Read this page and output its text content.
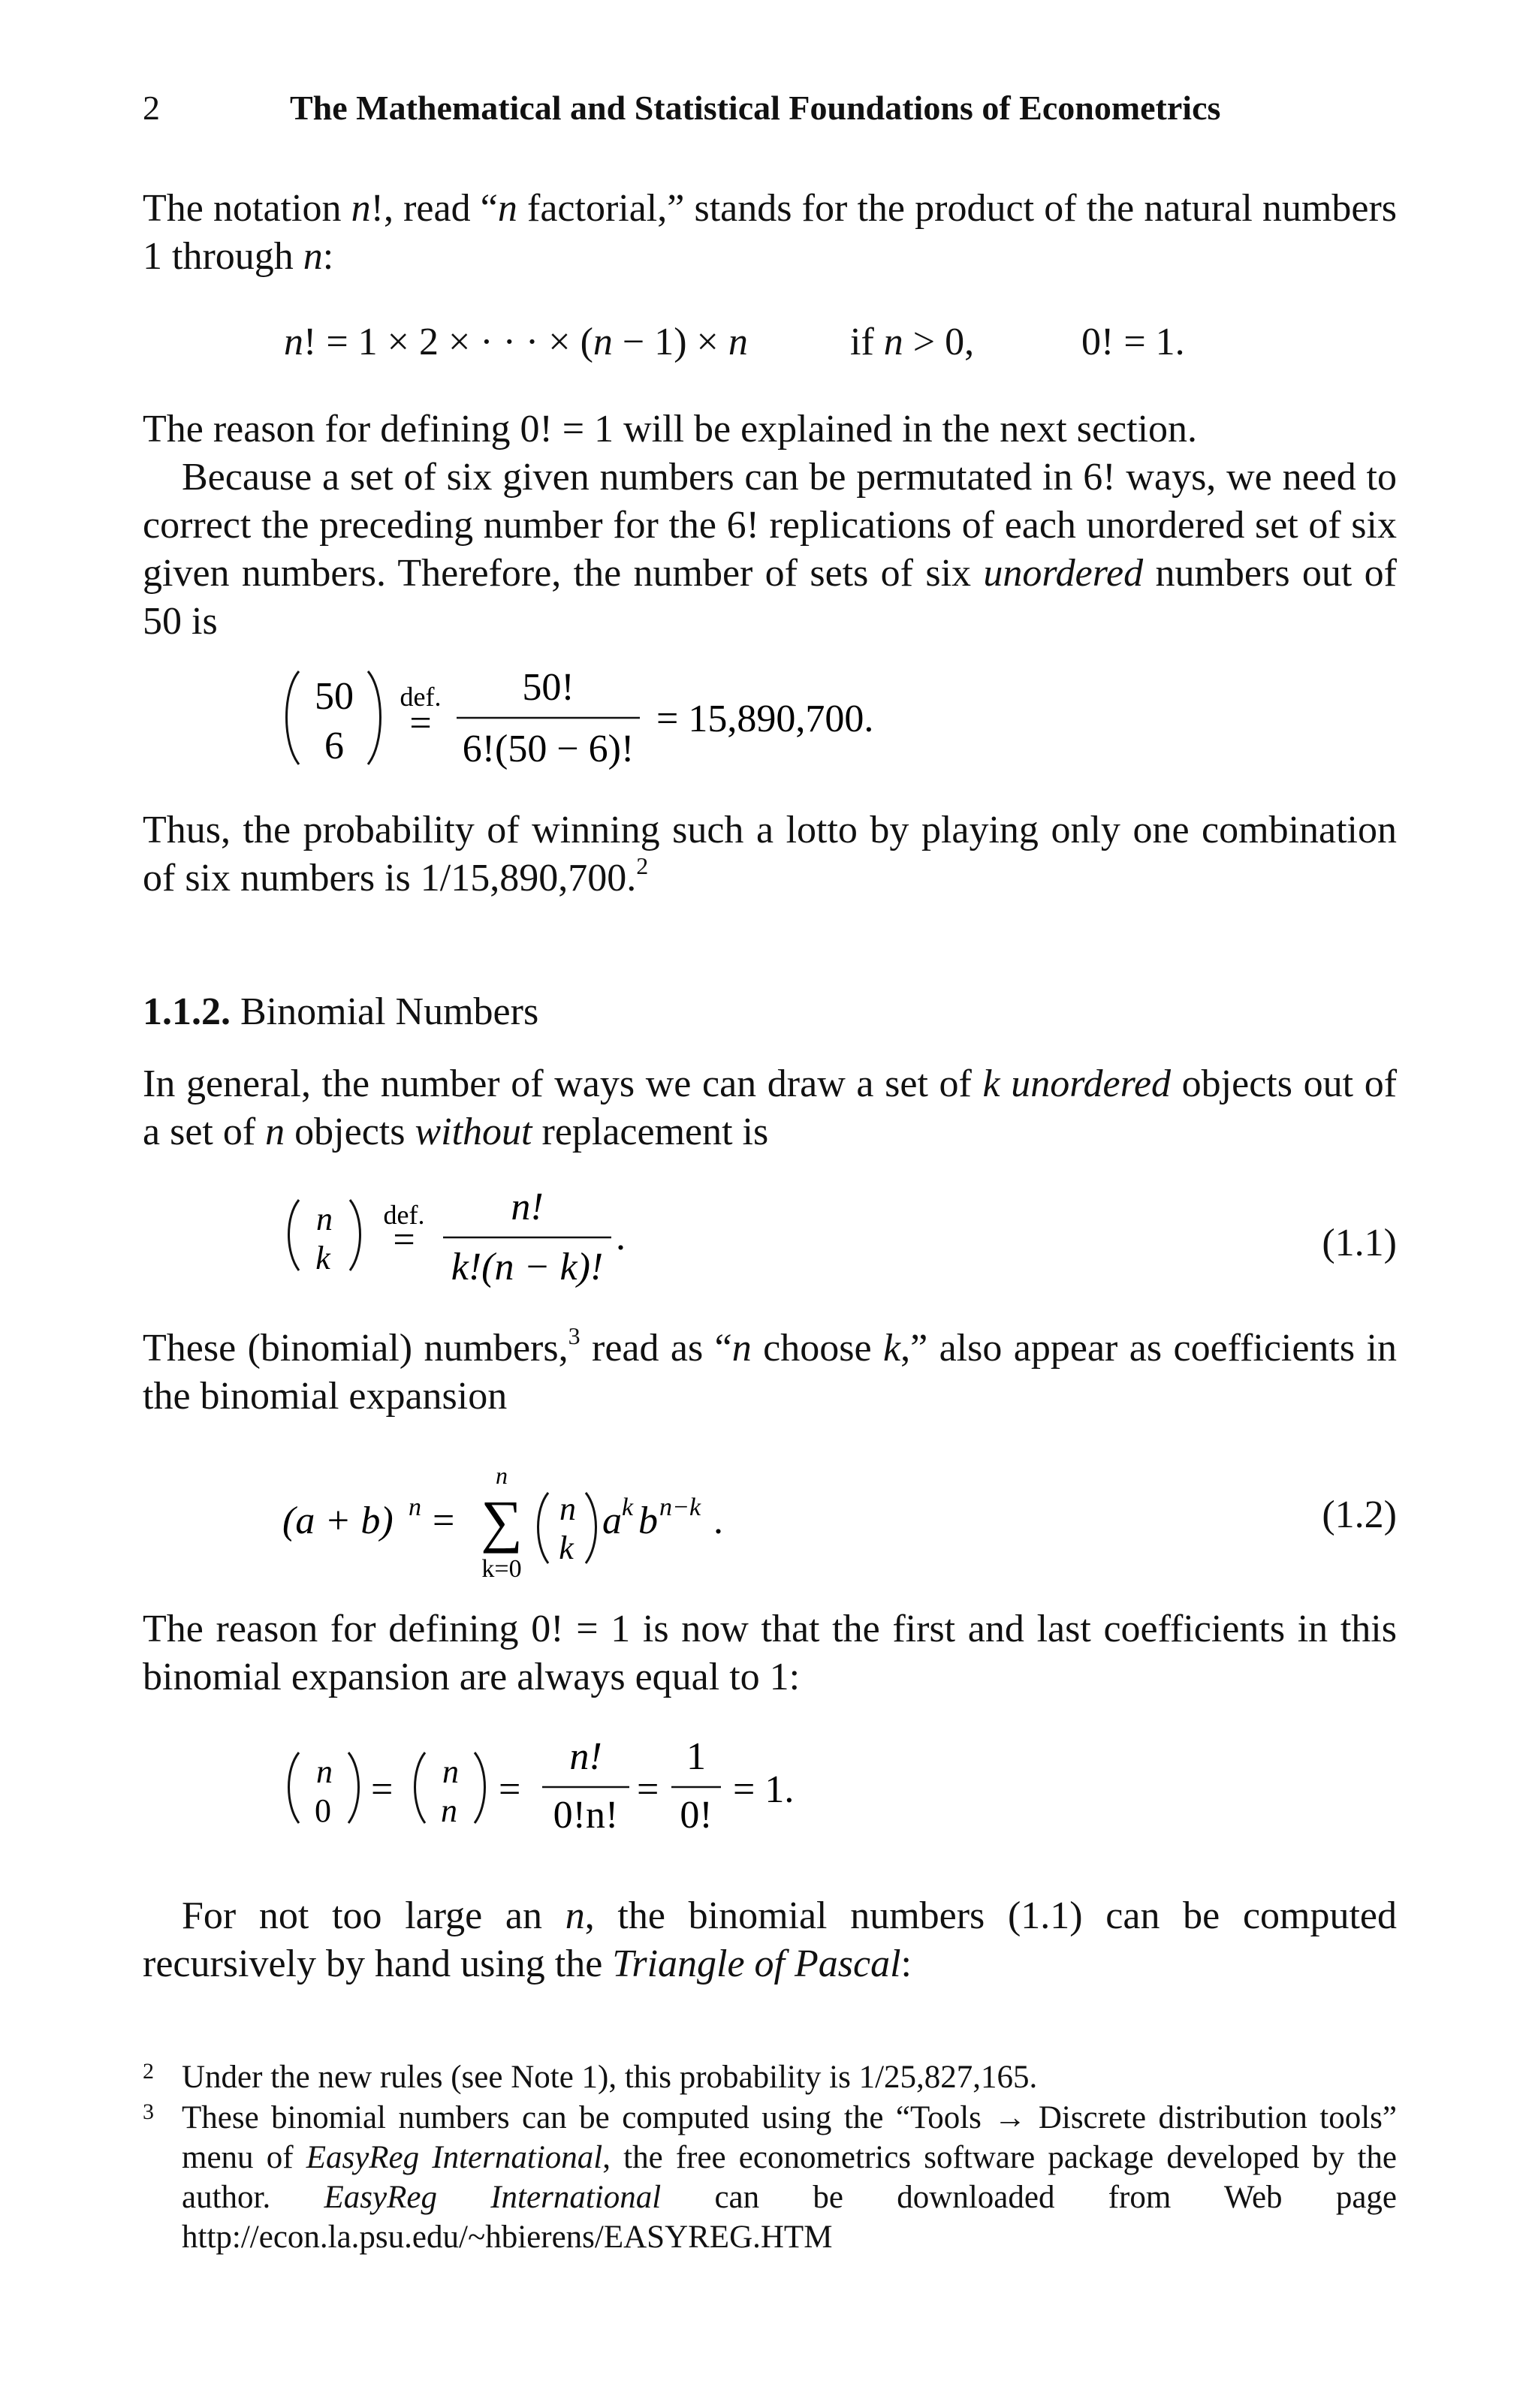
2	The Mathematical and Statistical Foundations of Econometrics
The notation n!, read “n factorial,” stands for the product of the natural numbers 1 through n:
n! = 1 × 2 × · · · × (n − 1) × n	if n > 0,	0! = 1.
The reason for defining 0! = 1 will be explained in the next section.
Because a set of six given numbers can be permutated in 6! ways, we need to correct the preceding number for the 6! replications of each unordered set of six given numbers. Therefore, the number of sets of six unordered numbers out of 50 is
50
6
def.
=
50!
6!(50 − 6)!
= 15,890,700.
Thus, the probability of winning such a lotto by playing only one combination of six numbers is 1/15,890,700.$^2$
1.1.2. Binomial Numbers
In general, the number of ways we can draw a set of k unordered objects out of a set of n objects without replacement is
n
k
def.
=
n!
k!(n − k)!
.	(1.1)
These (binomial) numbers,$^3$ read as “n choose k,” also appear as coefficients in the binomial expansion
(a + b) n =
n
∑
k=0
n
k
a k b n−k .	(1.2)
The reason for defining 0! = 1 is now that the first and last coefficients in this binomial expansion are always equal to 1:
n
0 = n
n =
n!
0!n!
=
1
0!
= 1.
For not too large an n, the binomial numbers (1.1) can be computed recursively by hand using the Triangle of Pascal:
2 Under the new rules (see Note 1), this probability is 1/25,827,165.
3 These binomial numbers can be computed using the “Tools → Discrete distribution tools” menu of EasyReg International, the free econometrics software package developed by the author. EasyReg International can be downloaded from Web page http://econ.la.psu.edu/~hbierens/EASYREG.HTM
